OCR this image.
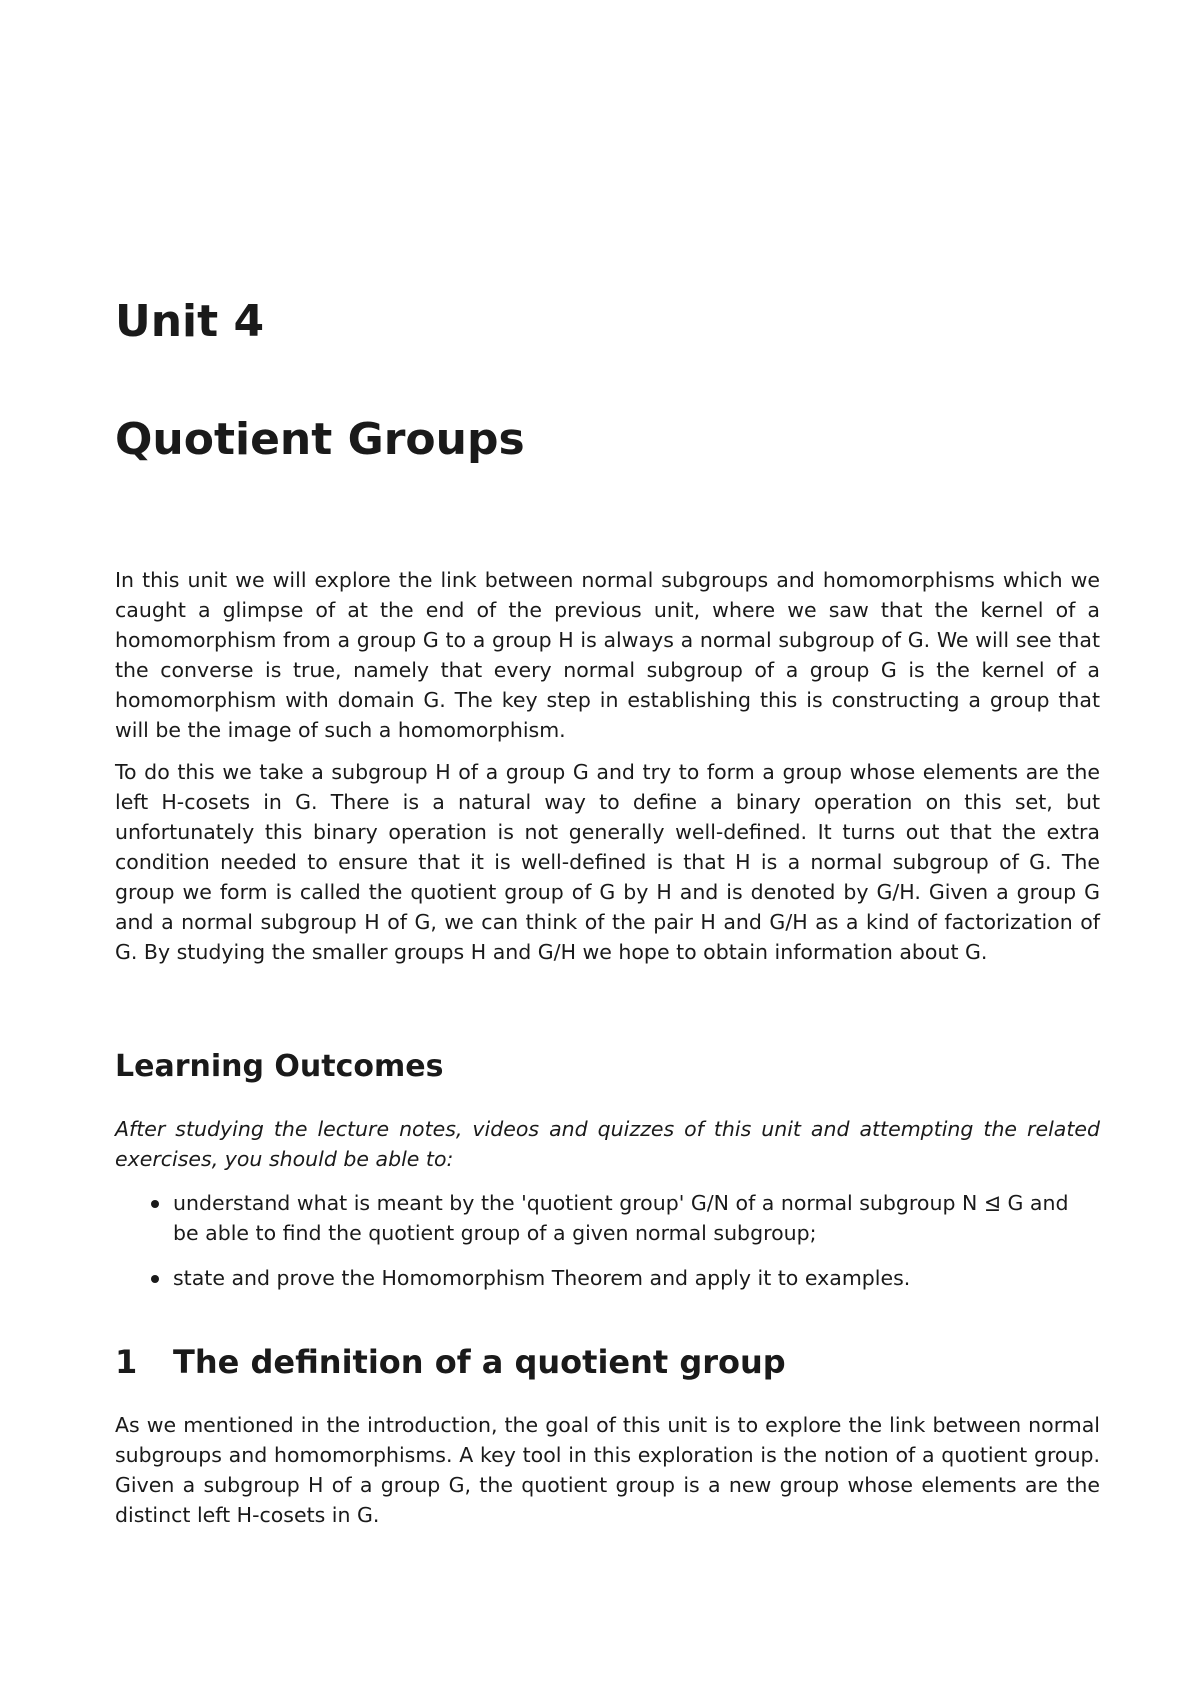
Unit 4
Quotient Groups

In this unit we will explore the link between normal subgroups and homomorphisms which we caught a glimpse of at the end of the previous unit, where we saw that the kernel of a homomorphism from a group G to a group H is always a normal subgroup of G. We will see that the converse is true, namely that every normal subgroup of a group G is the kernel of a homomorphism with domain G. The key step in establishing this is constructing a group that will be the image of such a homomorphism.

To do this we take a subgroup H of a group G and try to form a group whose elements are the left H-cosets in G. There is a natural way to define a binary operation on this set, but unfortunately this binary operation is not generally well-defined. It turns out that the extra condition needed to ensure that it is well-defined is that H is a normal subgroup of G. The group we form is called the quotient group of G by H and is denoted by G/H. Given a group G and a normal subgroup H of G, we can think of the pair H and G/H as a kind of factorization of G. By studying the smaller groups H and G/H we hope to obtain information about G.

Learning Outcomes

After studying the lecture notes, videos and quizzes of this unit and attempting the related exercises, you should be able to:

understand what is meant by the 'quotient group' G/N of a normal subgroup N ⊴ G and be able to find the quotient group of a given normal subgroup;
state and prove the Homomorphism Theorem and apply it to examples.
1 The definition of a quotient group

As we mentioned in the introduction, the goal of this unit is to explore the link between normal subgroups and homomorphisms. A key tool in this exploration is the notion of a quotient group. Given a subgroup H of a group G, the quotient group is a new group whose elements are the distinct left H-cosets in G.
